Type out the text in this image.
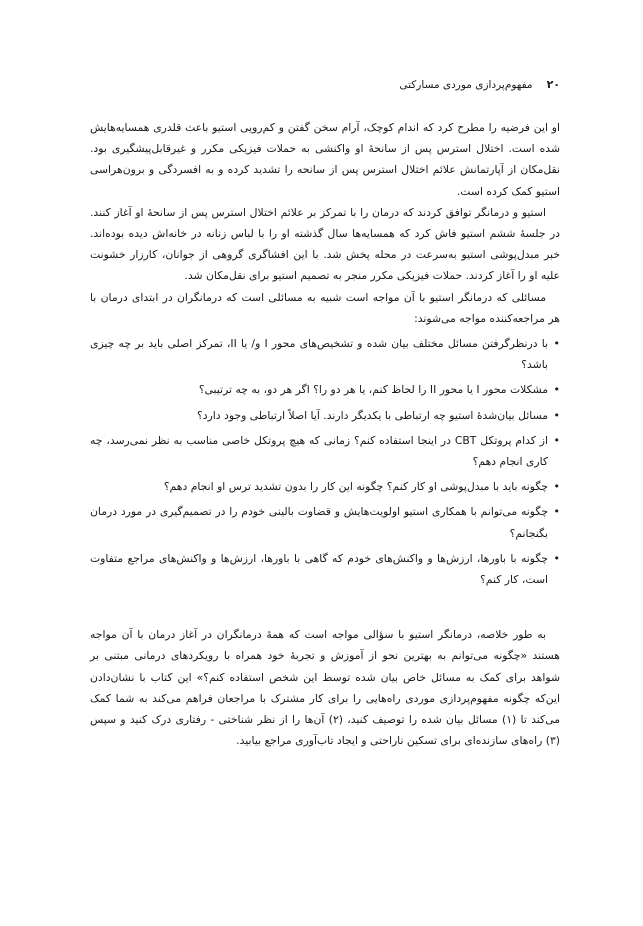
۲۰
مفهوم‌پردازی موردی مسارکتی

او این فرضیه را مطرح کرد که اندام کوچک، آرام سخن گفتن و کم‌رویی استیو باعث قلدری همسایه‌هایش شده است. اختلال استرس پس از سانحهٔ او واکنشی به حملات فیزیکی مکرر و غیرقابل‌پیشگیری بود. نقل‌مکان از آپارتمانش علائم اختلال استرس پس از سانحه را تشدید کرده و به افسردگی و برون‌هراسی استیو کمک کرده است.

استیو و درمانگر توافق کردند که درمان را با تمرکز بر علائم اختلال استرس پس از سانحهٔ او آغاز کنند. در جلسهٔ ششم استیو فاش کرد که همسایه‌ها سال گذشته او را با لباس زنانه در خانه‌اش دیده بوده‌اند. خبر مبدل‌پوشی استیو به‌سرعت در محله پخش شد. با این افشاگری گروهی از جوانان، کارزار خشونت علیه او را آغاز کردند. حملات فیزیکی مکرر منجر به تصمیم استیو برای نقل‌مکان شد.

مسائلی که درمانگر استیو با آن مواجه است شبیه به مسائلی است که درمانگران در ابتدای درمان با هر مراجعه‌کننده مواجه می‌شوند:

• با درنظرگرفتن مسائل مختلف بیان شده و تشخیص‌های محور I و/ یا II، تمرکز اصلی باید بر چه چیزی باشد؟
• مشکلات محور I یا محور II را لحاظ کنم، یا هر دو را؟ اگر هر دو، به چه ترتیبی؟
• مسائل بیان‌شدهٔ استیو چه ارتباطی با یکدیگر دارند. آیا اصلاً ارتباطی وجود دارد؟
• از کدام پروتکل CBT در اینجا استفاده کنم؟ زمانی که هیچ پروتکل خاصی مناسب به نظر نمی‌رسد، چه کاری انجام دهم؟
• چگونه باید با مبدل‌پوشی او کار کنم؟ چگونه این کار را بدون تشدید ترس او انجام دهم؟
• چگونه می‌توانم با همکاری استیو اولویت‌هایش و قضاوت بالینی خودم را در تصمیم‌گیری در مورد درمان بگنجانم؟
• چگونه با باورها، ارزش‌ها و واکنش‌های خودم که گاهی با باورها، ارزش‌ها و واکنش‌های مراجع متفاوت است، کار کنم؟

به طور خلاصه، درمانگر استیو با سؤالی مواجه است که همهٔ درمانگران در آغاز درمان با آن مواجه هستند «چگونه می‌توانم به بهترین نحو از آموزش و تجربهٔ خود همراه با رویکردهای درمانی مبتنی بر شواهد برای کمک به مسائل خاص بیان شده توسط این شخص استفاده کنم؟» این کتاب با نشان‌دادن این‌که چگونه مفهوم‌پردازی موردی راه‌هایی را برای کار مشترک با مراجعان فراهم می‌کند به شما کمک می‌کند تا (۱) مسائل بیان شده را توصیف کنید، (۲) آن‌ها را از نظر شناختی - رفتاری درک کنید و سپس (۳) راه‌های سازنده‌ای برای تسکین ناراحتی و ایجاد تاب‌آوری مراجع بیابید.
